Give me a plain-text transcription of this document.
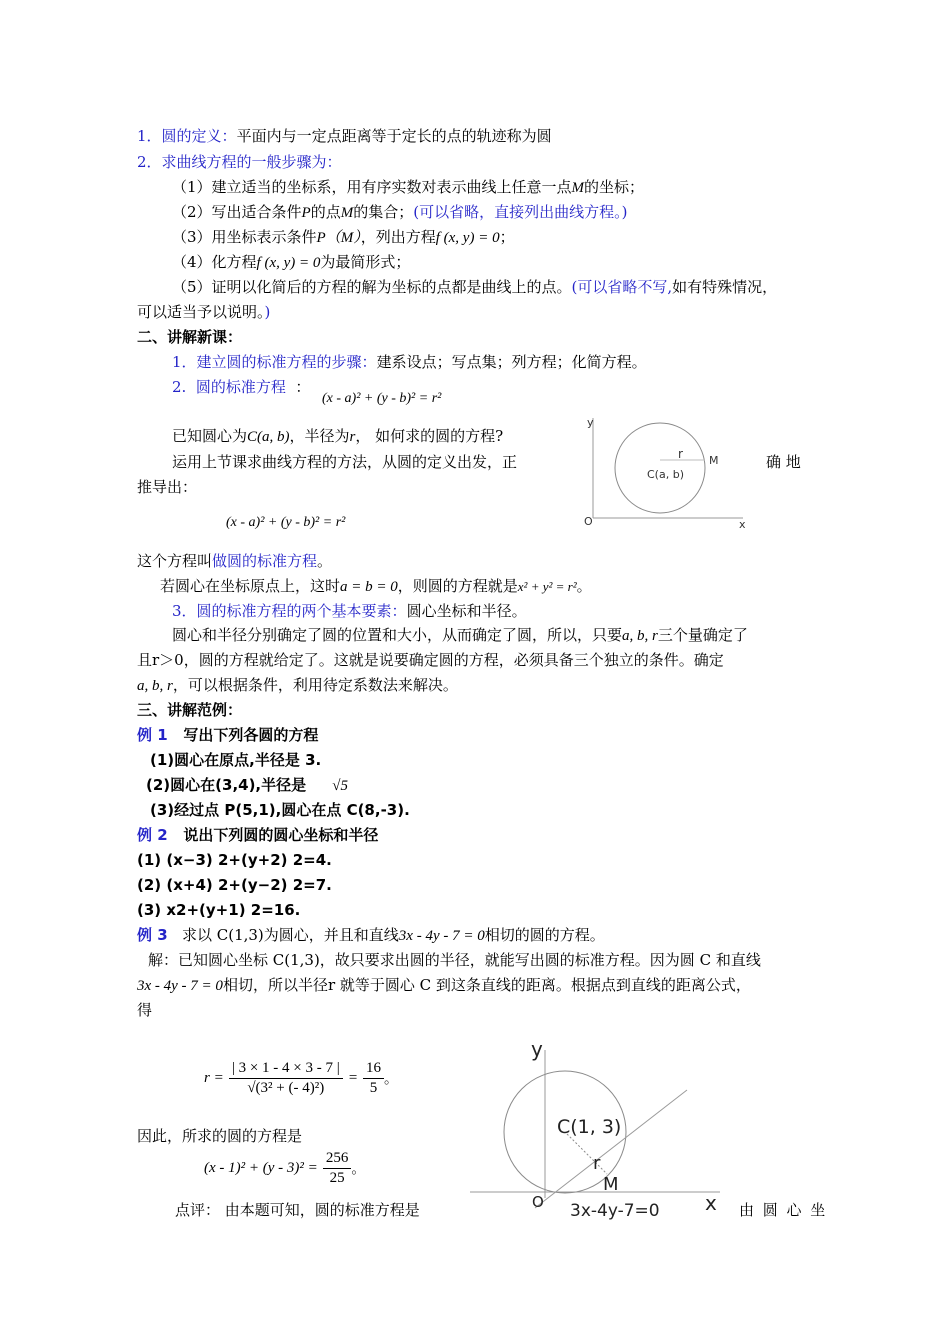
1．圆的定义：平面内与一定点距离等于定长的点的轨迹称为圆
2．求曲线方程的一般步骤为：
（1）建立适当的坐标系，用有序实数对表示曲线上任意一点M的坐标；
（2）写出适合条件P的点M的集合；(可以省略，直接列出曲线方程。)
（3）用坐标表示条件P（M），列出方程f (x, y) = 0；
（4）化方程f (x, y) = 0为最简形式；
（5）证明以化简后的方程的解为坐标的点都是曲线上的点。(可以省略不写,如有特殊情况，
可以适当予以说明。)
二、讲解新课：
1．建立圆的标准方程的步骤：建系设点；写点集；列方程；化简方程。
2. 圆的标准方程 ：
(x - a)² + (y - b)² = r²
已知圆心为C(a, b)，半径为r， 如何求的圆的方程?
运用上节课求曲线方程的方法，从圆的定义出发，正	确 地
推导出：
(x - a)² + (y - b)² = r²
y
x
O
r M
C(a, b)
这个方程叫做圆的标准方程。
若圆心在坐标原点上，这时a = b = 0，则圆的方程就是x² + y² = r²。
3．圆的标准方程的两个基本要素：圆心坐标和半径。
圆心和半径分别确定了圆的位置和大小，从而确定了圆，所以，只要a, b, r三个量确定了
且r＞0，圆的方程就给定了。这就是说要确定圆的方程，必须具备三个独立的条件。确定
a, b, r，可以根据条件，利用待定系数法来解决。
三、讲解范例：
例 1 写出下列各圆的方程
(1)圆心在原点,半径是 3.
(2)圆心在(3,4),半径是 √5
(3)经过点 P(5,1),圆心在点 C(8,-3).
例 2 说出下列圆的圆心坐标和半径
(1) (x−3) 2+(y+2) 2=4.
(2) (x+4) 2+(y−2) 2=7.
(3) x2+(y+1) 2=16.
例 3 求以 C(1,3)为圆心，并且和直线3x - 4y - 7 = 0相切的圆的方程。
解：已知圆心坐标 C(1,3)，故只要求出圆的半径，就能写出圆的标准方程。因为圆 C 和直线
3x - 4y - 7 = 0相切，所以半径r 就等于圆心 C 到这条直线的距离。根据点到直线的距离公式，
得
$r = \frac{| 3 \times 1 - 4 \times 3 - 7 |}{\text{√(3² + (- 4)²)}} = \frac{16}{5}$ 。
因此，所求的圆的方程是
$(x - 1)^2 + (y - 3)^2 = \frac{256}{25}$ 。
点评： 由本题可知，圆的标准方程是	由 圆 心 坐
y
x
O
C(1, 3)
r
M
3x-4y-7=0
